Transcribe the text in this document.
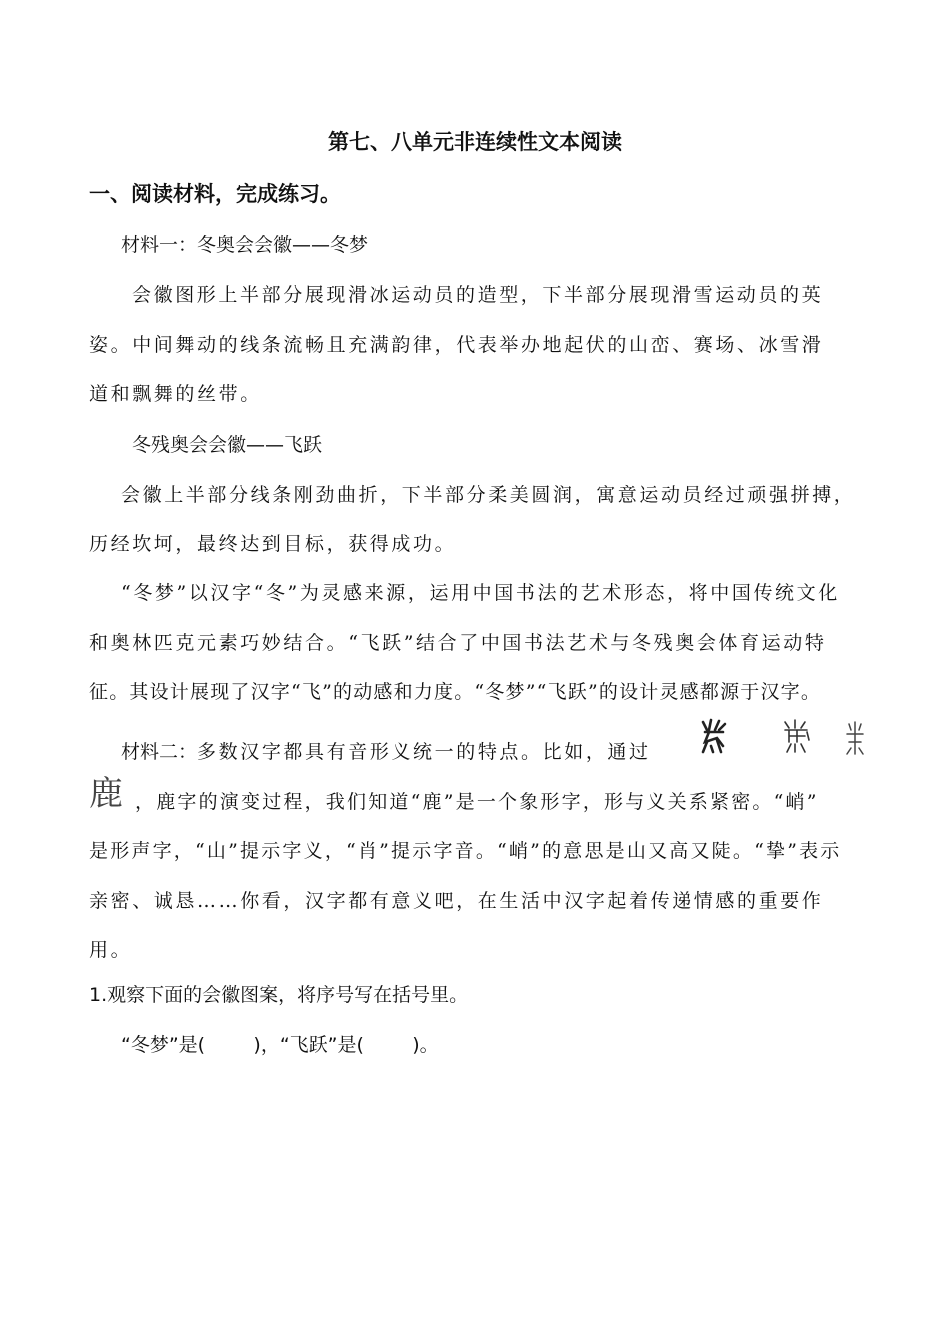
第七、八单元非连续性文本阅读
一、阅读材料，完成练习。
材料一：冬奥会会徽——冬梦
会徽图形上半部分展现滑冰运动员的造型，下半部分展现滑雪运动员的英
姿。中间舞动的线条流畅且充满韵律，代表举办地起伏的山峦、赛场、冰雪滑
道和飘舞的丝带。
冬残奥会会徽——飞跃
会徽上半部分线条刚劲曲折，下半部分柔美圆润，寓意运动员经过顽强拼搏，
历经坎坷，最终达到目标，获得成功。
“冬梦”以汉字“冬”为灵感来源，运用中国书法的艺术形态，将中国传统文化
和奥林匹克元素巧妙结合。“飞跃”结合了中国书法艺术与冬残奥会体育运动特
征。其设计展现了汉字“飞”的动感和力度。“冬梦”“飞跃”的设计灵感都源于汉字。
材料二：多数汉字都具有音形义统一的特点。比如，通过
鹿 ，鹿字的演变过程，我们知道“鹿”是一个象形字，形与义关系紧密。“峭”
是形声字，“山”提示字义，“肖”提示字音。“峭”的意思是山又高又陡。“挚”表示
亲密、诚恳……你看，汉字都有意义吧，在生活中汉字起着传递情感的重要作
用。
1.观察下面的会徽图案，将序号写在括号里。
“冬梦”是(        )，“飞跃”是(        )。
